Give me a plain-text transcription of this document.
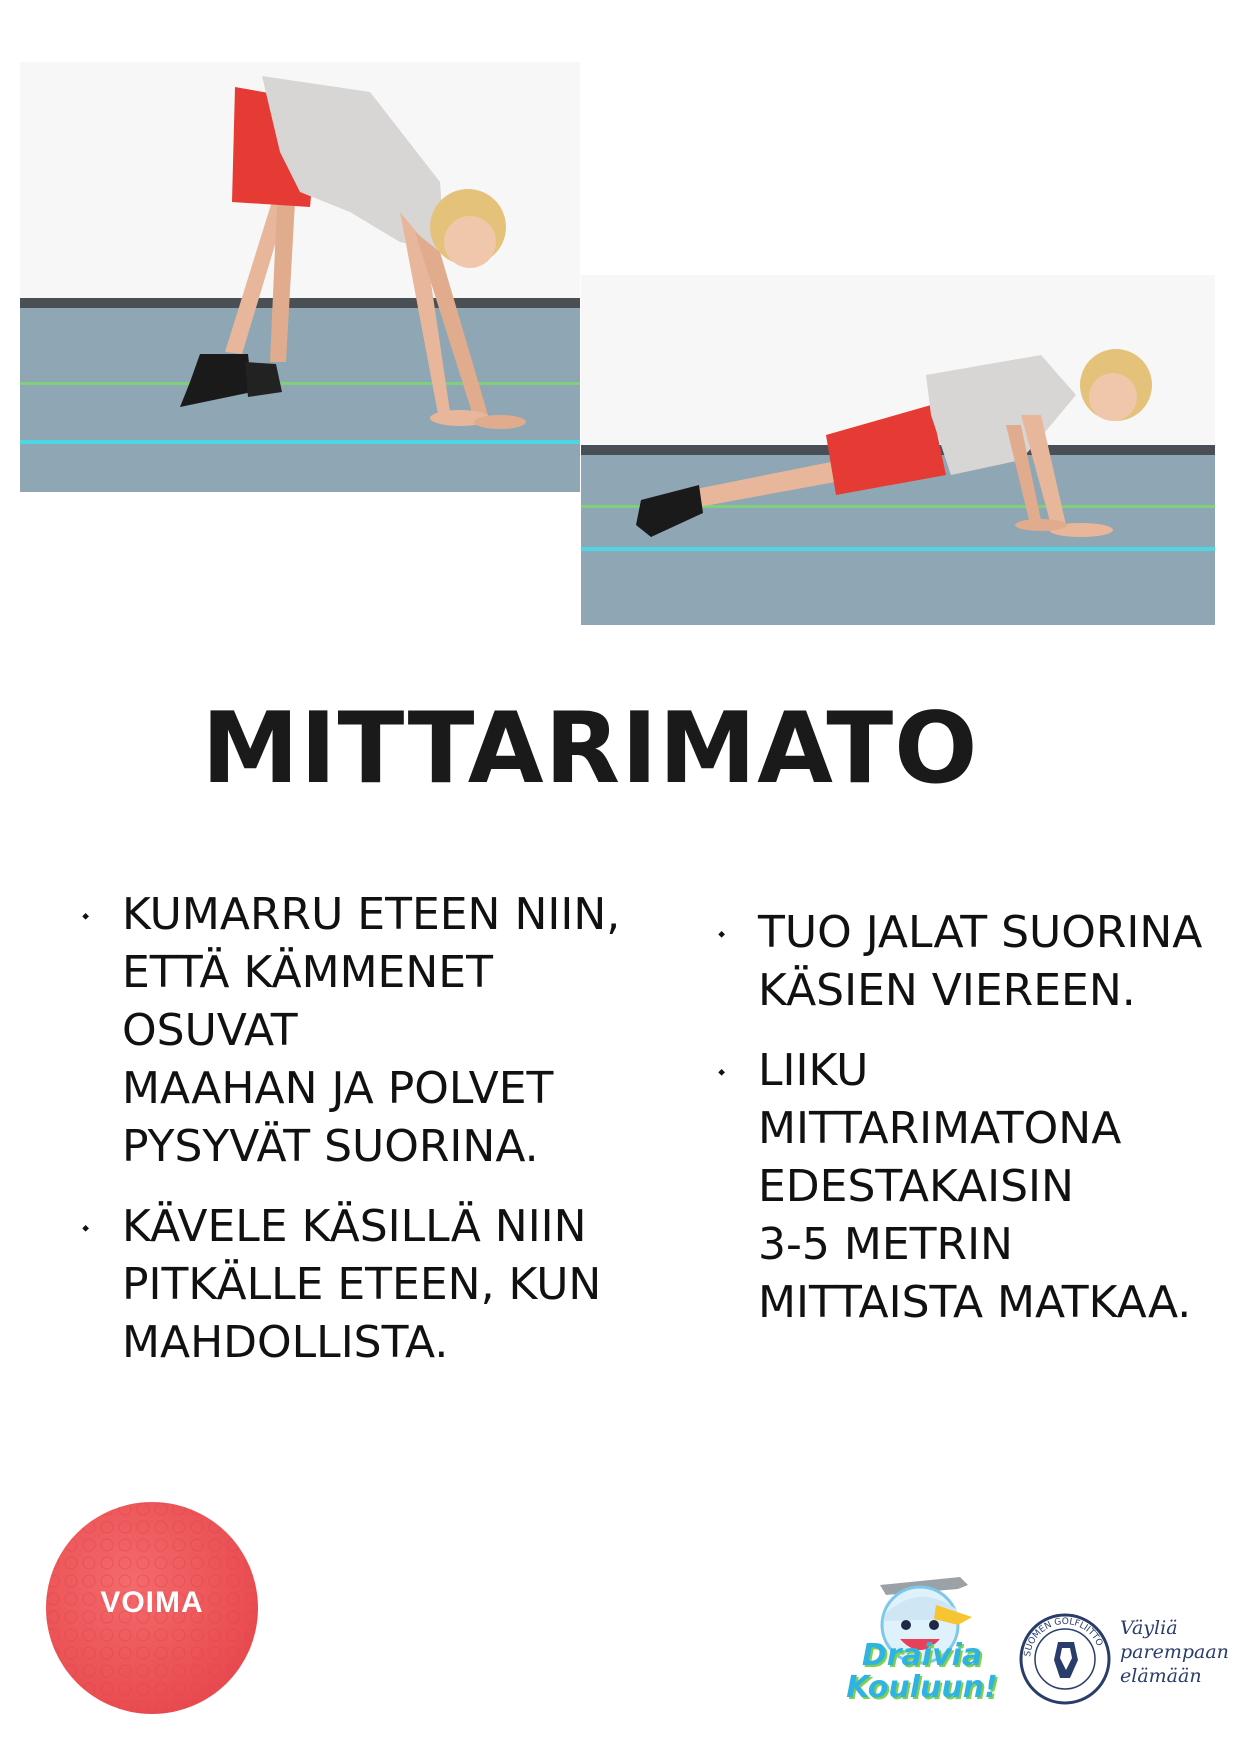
MITTARIMATO
⬩ KUMARRU ETEEN NIIN,
ETTÄ KÄMMENET OSUVAT
MAAHAN JA POLVET
PYSYVÄT SUORINA.
⬩ KÄVELE KÄSILLÄ NIIN
PITKÄLLE ETEEN, KUN
MAHDOLLISTA.
⬩ TUO JALAT SUORINA
KÄSIEN VIEREEN.
⬩ LIIKU
MITTARIMATONA
EDESTAKAISIN
3-5 METRIN
MITTAISTA MATKAA.
VOIMA
Draivia
Kouluun!
SUOMEN GOLFLIITTO
Väyliä
parempaan
elämään
